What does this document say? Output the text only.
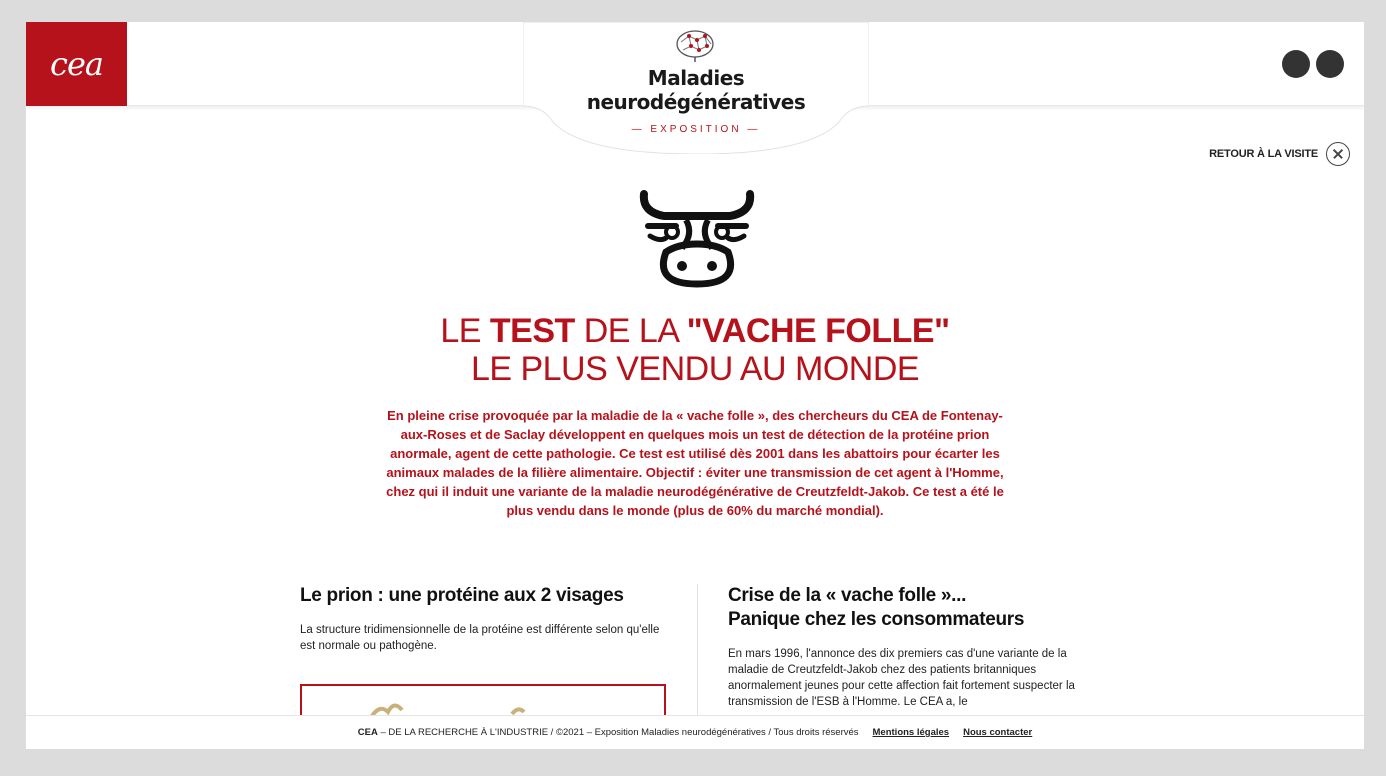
cea	Maladies
neurodégénératives
— EXPOSITION —
RETOUR À LA VISITE
LE TEST DE LA "VACHE FOLLE"
LE PLUS VENDU AU MONDE
En pleine crise provoquée par la maladie de la « vache folle », des chercheurs du CEA de Fontenay-aux-Roses et de Saclay développent en quelques mois un test de détection de la protéine prion anormale, agent de cette pathologie. Ce test est utilisé dès 2001 dans les abattoirs pour écarter les animaux malades de la filière alimentaire. Objectif : éviter une transmission de cet agent à l'Homme, chez qui il induit une variante de la maladie neurodégénérative de Creutzfeldt-Jakob. Ce test a été le plus vendu dans le monde (plus de 60% du marché mondial).
Le prion : une protéine aux 2 visages
La structure tridimensionnelle de la protéine est différente selon qu'elle est normale ou pathogène.
Crise de la « vache folle »...
Panique chez les consommateurs
En mars 1996, l'annonce des dix premiers cas d'une variante de la maladie de Creutzfeldt-Jakob chez des patients britanniques anormalement jeunes pour cette affection fait fortement suspecter la transmission de l'ESB à l'Homme. Le CEA a, le
CEA – DE LA RECHERCHE À L'INDUSTRIE / ©2021 – Exposition Maladies neurodégénératives / Tous droits réservés Mentions légales Nous contacter
